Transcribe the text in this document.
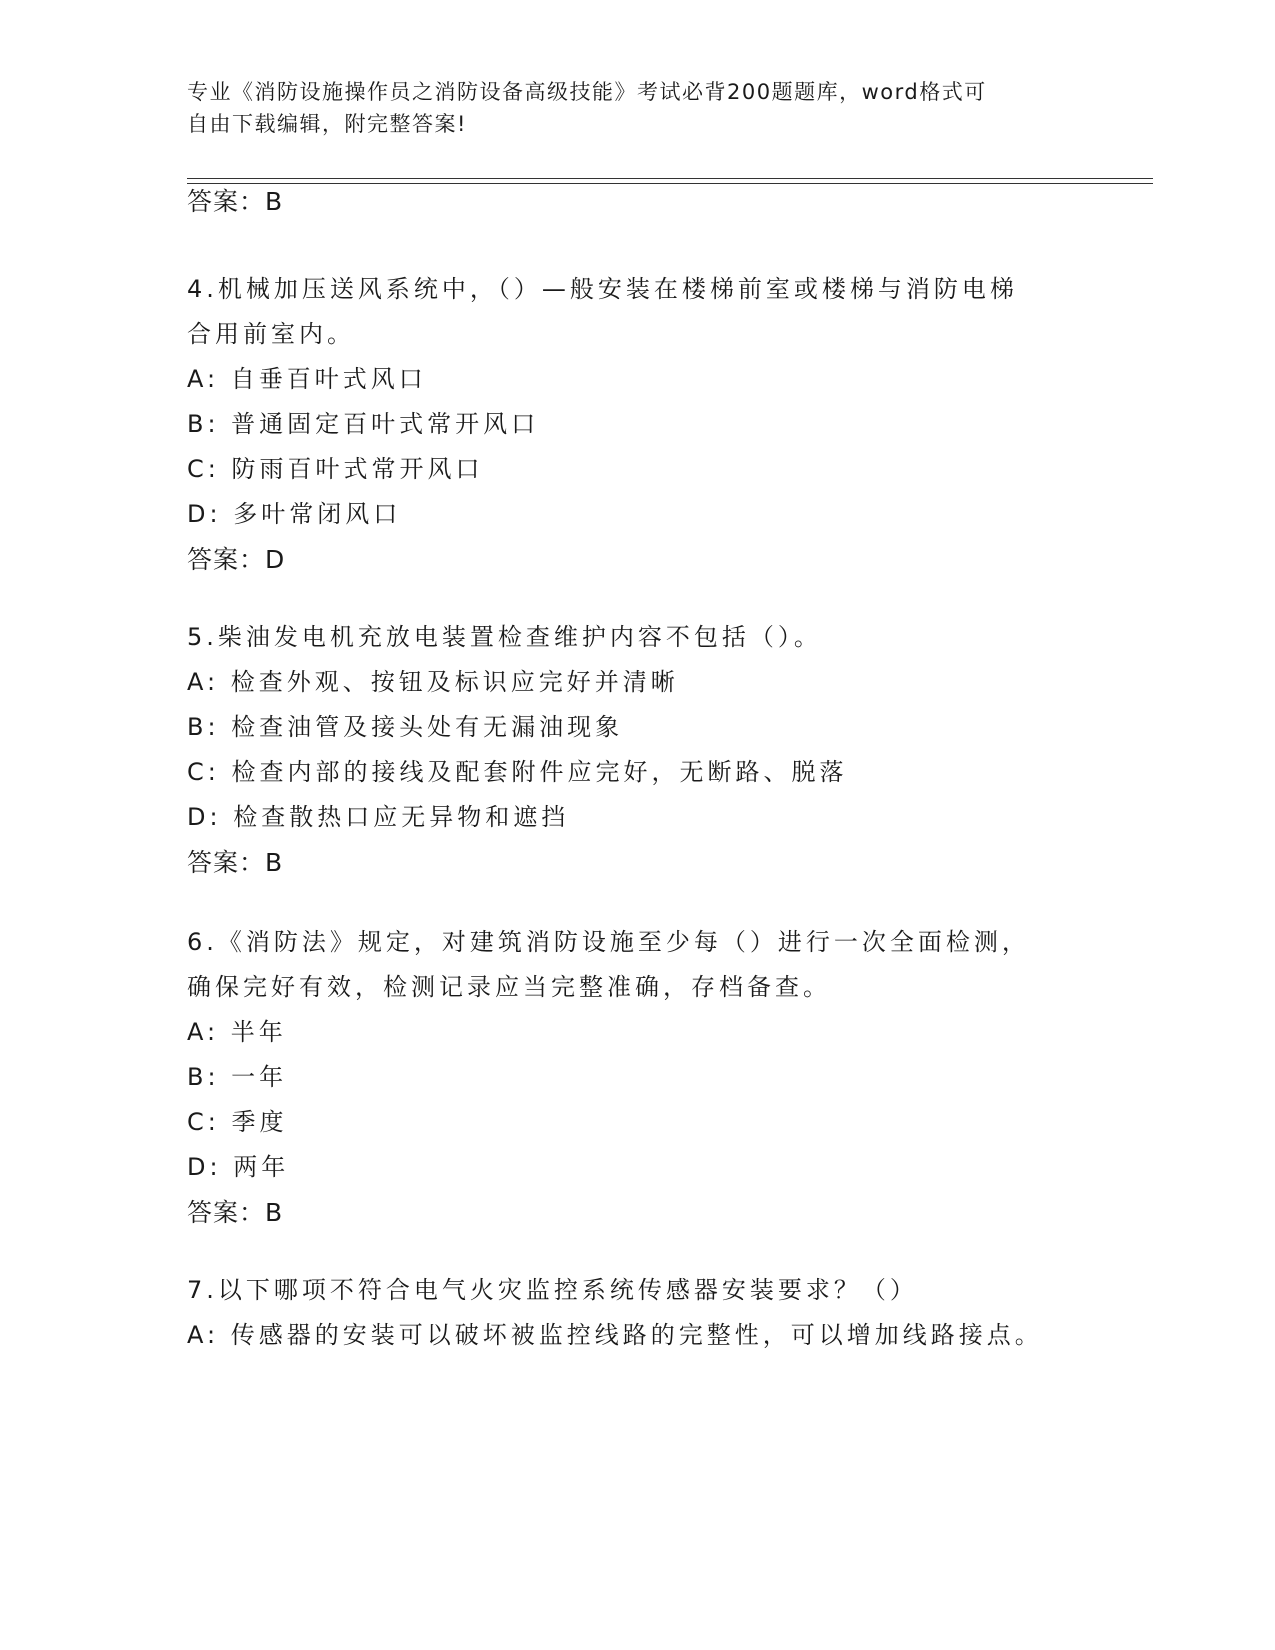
专业《消防设施操作员之消防设备高级技能》考试必背200题题库，word格式可
自由下载编辑，附完整答案!

答案：B

4.机械加压送风系统中，（）—般安装在楼梯前室或楼梯与消防电梯

合用前室内。

A: 自垂百叶式风口

B: 普通固定百叶式常开风口

C: 防雨百叶式常开风口

D: 多叶常闭风口

答案：D

5.柴油发电机充放电装置检查维护内容不包括（）。

A: 检查外观、按钮及标识应完好并清晰

B: 检查油管及接头处有无漏油现象

C: 检查内部的接线及配套附件应完好，无断路、脱落

D: 检查散热口应无异物和遮挡

答案：B

6.《消防法》规定，对建筑消防设施至少每（）进行一次全面检测，

确保完好有效，检测记录应当完整准确，存档备查。

A: 半年

B: 一年

C: 季度

D: 两年

答案：B

7.以下哪项不符合电气火灾监控系统传感器安装要求？（）

A: 传感器的安装可以破坏被监控线路的完整性，可以增加线路接点。
